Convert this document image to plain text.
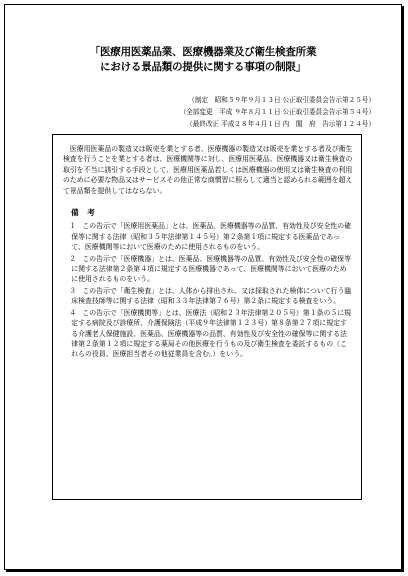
「医療用医薬品業、医療機器業及び衛生検査所業
における景品類の提供に関する事項の制限」
（制定　昭和５９年９月１３日 公正取引委員会告示第２５号）
（全部変更　平成 ９年８月１１日 公正取引委員会告示第５４号）
（最終改正 平成２８年４月１日 内　閣　府　告示第１２４号）

医療用医薬品の製造又は販売を業とする者、医療機器の製造又は販売を業とする者及び衛生検査を行うことを業とする者は、医療機関等に対し、医療用医薬品、医療機器又は衛生検査の取引を不当に誘引する手段として、医療用医薬品若しくは医療機器の使用又は衛生検査の利用のために必要な物品又はサービスその他正常な商慣習に照らして適当と認められる範囲を超えて景品類を提供してはならない。

備 考
１ この告示で「医療用医薬品」とは、医薬品、医療機器等の品質、有効性及び安全性の確保等に関する法律（昭和３５年法律第１４５号）第２条第１項に規定する医薬品であって、医療機関等において医療のために使用されるものをいう。
２ この告示で「医療機器」とは、医薬品、医療機器等の品質、有効性及び安全性の確保等に関する法律第２条第４項に規定する医療機器であって、医療機関等において医療のために使用されるものをいう。
３ この告示で「衛生検査」とは、人体から排出され、又は採取された検体について行う臨床検査技師等に関する法律（昭和３３年法律第７６号）第２条に規定する検査をいう。
４ この告示で「医療機関等」とは、医療法（昭和２３年法律第２０５号）第１条の５に規定する病院及び診療所、介護保険法（平成９年法律第１２３号）第８条第２７項に規定する介護老人保健施設、医薬品、医療機器等の品質、有効性及び安全性の確保等に関する法律第２条第１２項に規定する薬局その他医療を行うもの及び衛生検査を委託するもの（これらの役員、医療担当者その他従業員を含む。）をいう。
